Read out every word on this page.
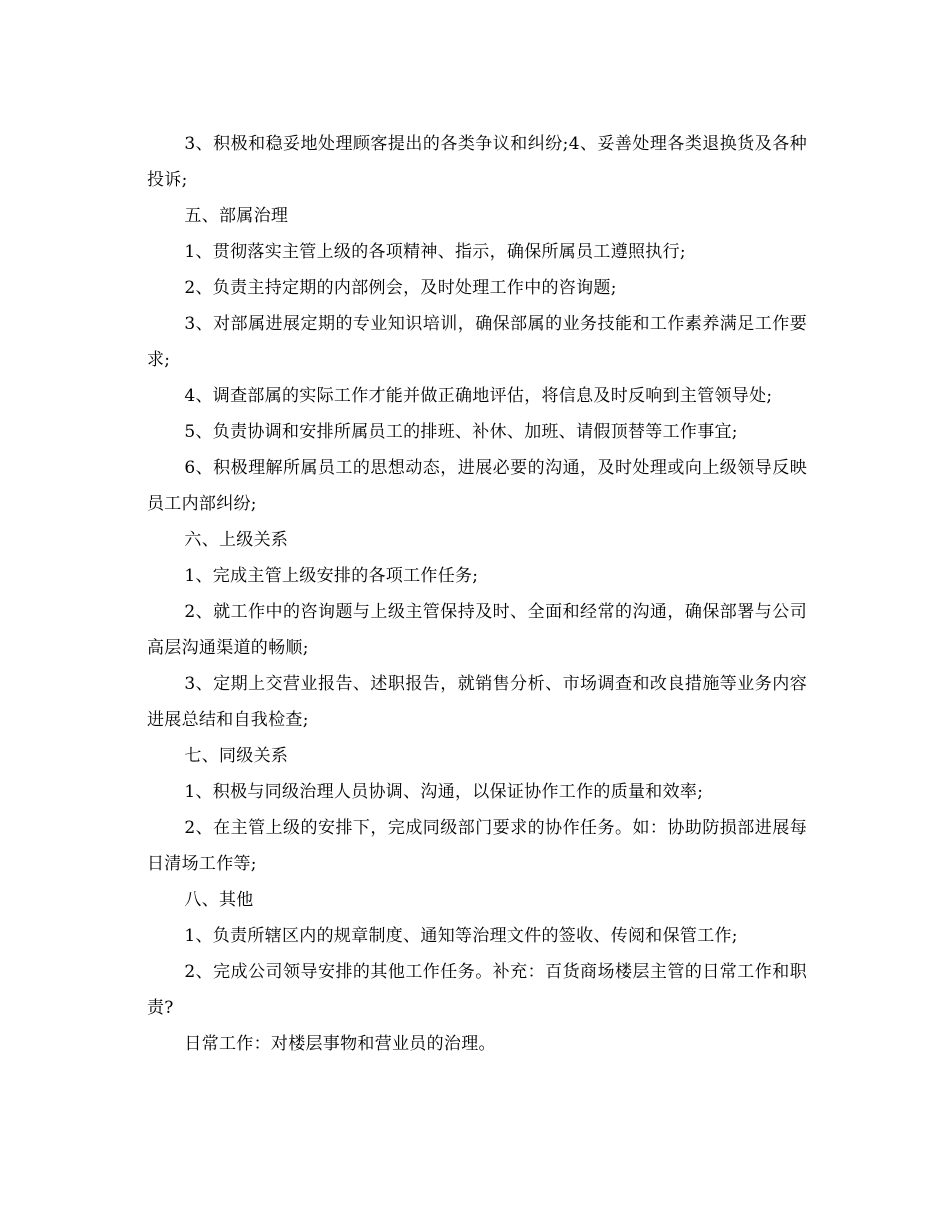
3、积极和稳妥地处理顾客提出的各类争议和纠纷;4、妥善处理各类退换货及各种投诉;

五、部属治理

1、贯彻落实主管上级的各项精神、指示，确保所属员工遵照执行;

2、负责主持定期的内部例会，及时处理工作中的咨询题;

3、对部属进展定期的专业知识培训，确保部属的业务技能和工作素养满足工作要求;

4、调查部属的实际工作才能并做正确地评估，将信息及时反响到主管领导处;

5、负责协调和安排所属员工的排班、补休、加班、请假顶替等工作事宜;

6、积极理解所属员工的思想动态，进展必要的沟通，及时处理或向上级领导反映员工内部纠纷;

六、上级关系

1、完成主管上级安排的各项工作任务;

2、就工作中的咨询题与上级主管保持及时、全面和经常的沟通，确保部署与公司高层沟通渠道的畅顺;

3、定期上交营业报告、述职报告，就销售分析、市场调查和改良措施等业务内容进展总结和自我检查;

七、同级关系

1、积极与同级治理人员协调、沟通，以保证协作工作的质量和效率;

2、在主管上级的安排下，完成同级部门要求的协作任务。如：协助防损部进展每日清场工作等;

八、其他

1、负责所辖区内的规章制度、通知等治理文件的签收、传阅和保管工作;

2、完成公司领导安排的其他工作任务。补充：百货商场楼层主管的日常工作和职责?

日常工作：对楼层事物和营业员的治理。
